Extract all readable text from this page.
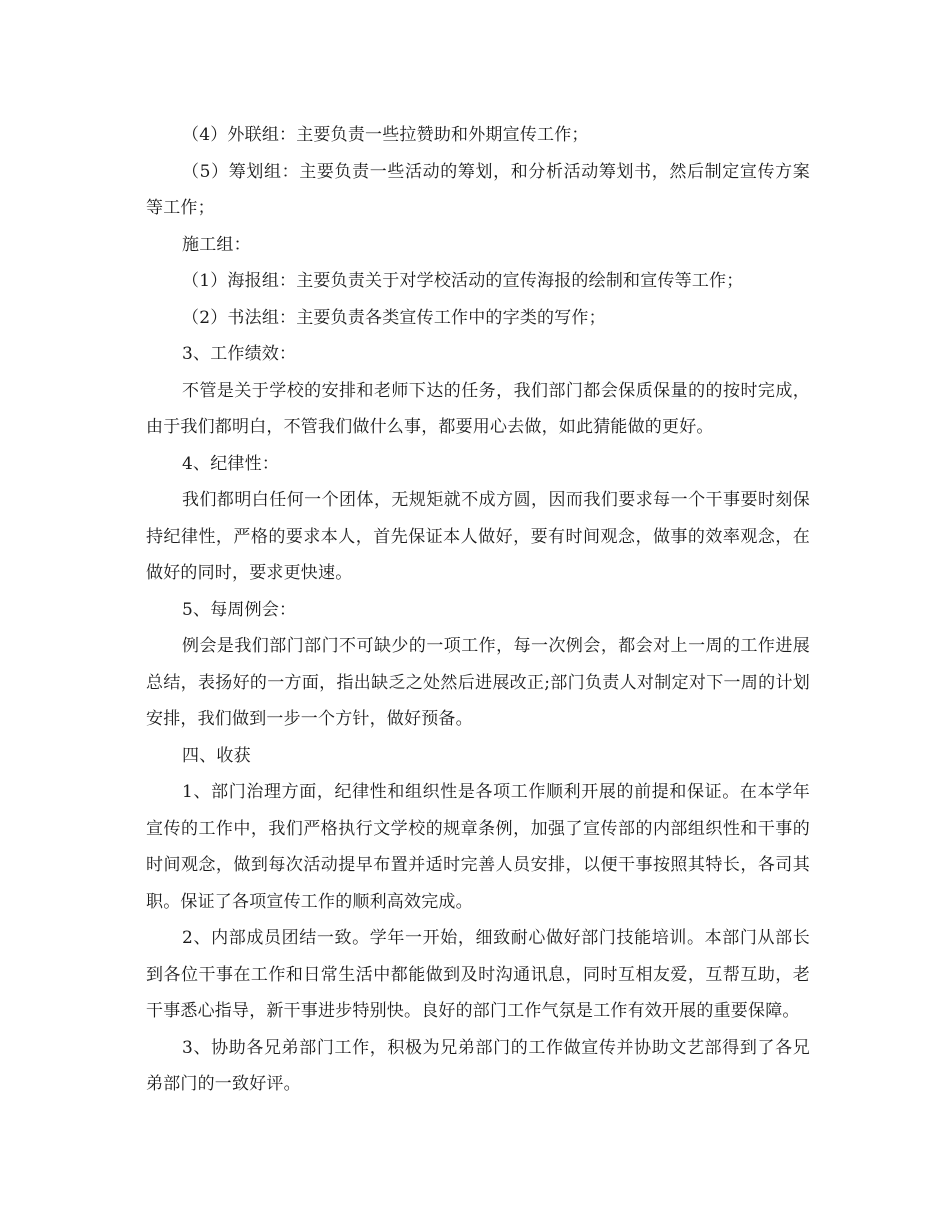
（4）外联组：主要负责一些拉赞助和外期宣传工作；

（5）筹划组：主要负责一些活动的筹划，和分析活动筹划书，然后制定宣传方案等工作；

施工组：

（1）海报组：主要负责关于对学校活动的宣传海报的绘制和宣传等工作；

（2）书法组：主要负责各类宣传工作中的字类的写作；

3、工作绩效：

不管是关于学校的安排和老师下达的任务，我们部门都会保质保量的的按时完成，由于我们都明白，不管我们做什么事，都要用心去做，如此猜能做的更好。

4、纪律性：

我们都明白任何一个团体，无规矩就不成方圆，因而我们要求每一个干事要时刻保持纪律性，严格的要求本人，首先保证本人做好，要有时间观念，做事的效率观念，在做好的同时，要求更快速。

5、每周例会：

例会是我们部门部门不可缺少的一项工作，每一次例会，都会对上一周的工作进展总结，表扬好的一方面，指出缺乏之处然后进展改正;部门负责人对制定对下一周的计划安排，我们做到一步一个方针，做好预备。

四、收获

1、部门治理方面，纪律性和组织性是各项工作顺利开展的前提和保证。在本学年宣传的工作中，我们严格执行文学校的规章条例，加强了宣传部的内部组织性和干事的时间观念，做到每次活动提早布置并适时完善人员安排，以便干事按照其特长，各司其职。保证了各项宣传工作的顺利高效完成。

2、内部成员团结一致。学年一开始，细致耐心做好部门技能培训。本部门从部长到各位干事在工作和日常生活中都能做到及时沟通讯息，同时互相友爱，互帮互助，老干事悉心指导，新干事进步特别快。良好的部门工作气氛是工作有效开展的重要保障。

3、协助各兄弟部门工作，积极为兄弟部门的工作做宣传并协助文艺部得到了各兄弟部门的一致好评。
